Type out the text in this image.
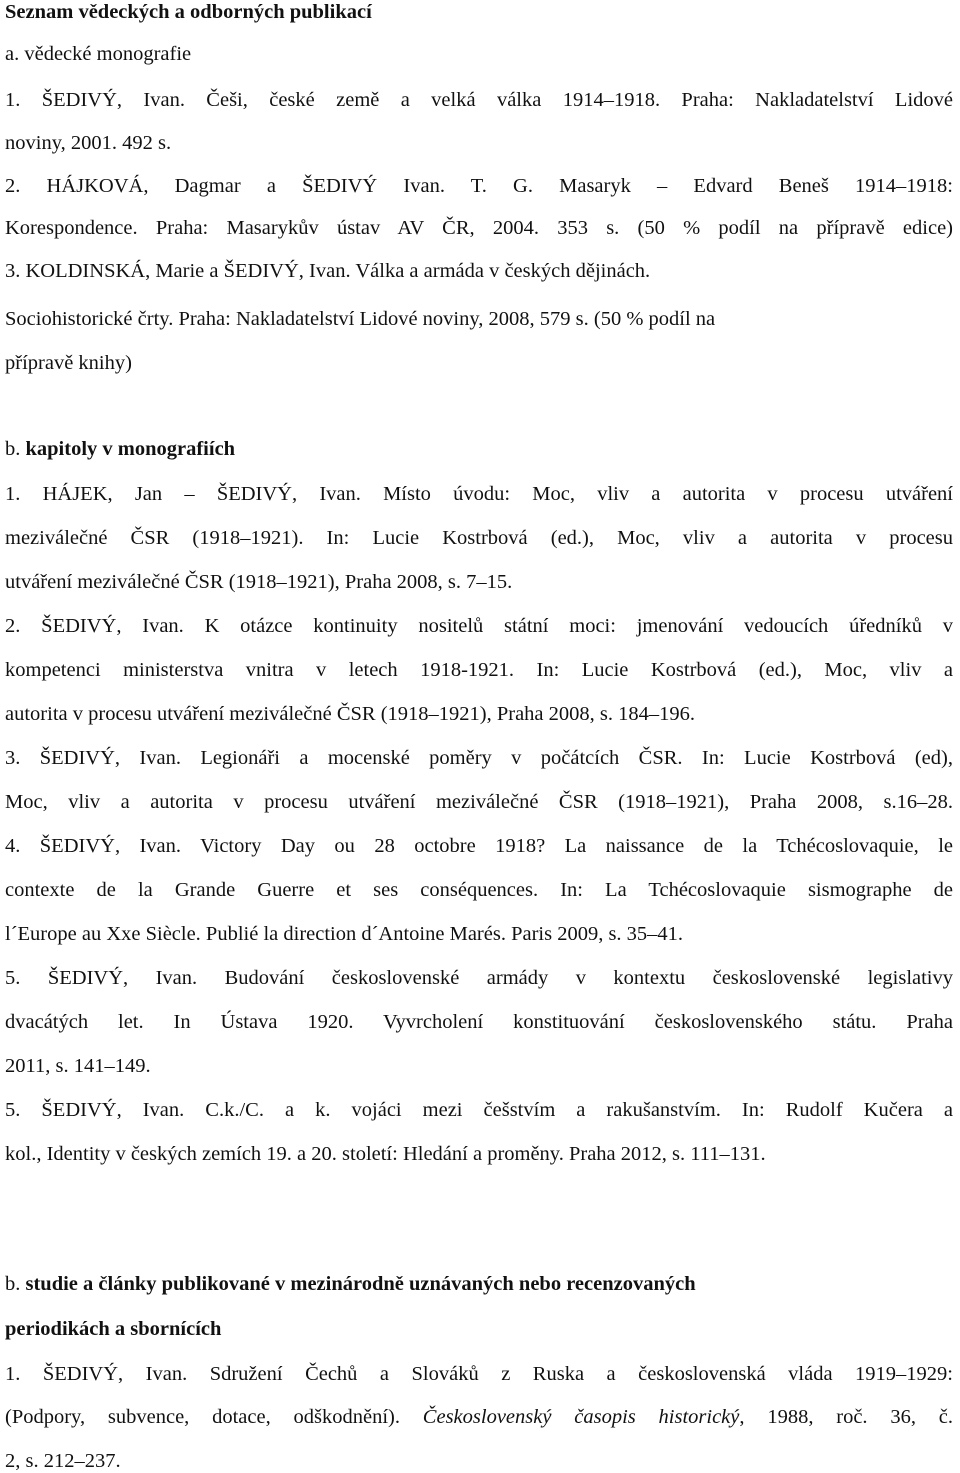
Seznam vědeckých a odborných publikací
a. vědecké monografie
1. ŠEDIVÝ, Ivan. Češi, české země a velká válka 1914–1918. Praha: Nakladatelství Lidové
noviny, 2001. 492 s.
2. HÁJKOVÁ, Dagmar a ŠEDIVÝ Ivan. T. G. Masaryk – Edvard Beneš 1914–1918:
Korespondence. Praha: Masarykův ústav AV ČR, 2004. 353 s. (50 % podíl na přípravě edice)
3. KOLDINSKÁ, Marie a ŠEDIVÝ, Ivan. Válka a armáda v českých dějinách.
Sociohistorické črty. Praha: Nakladatelství Lidové noviny, 2008, 579 s. (50 % podíl na
přípravě knihy)
b. kapitoly v monografiích
1. HÁJEK, Jan – ŠEDIVÝ, Ivan. Místo úvodu: Moc, vliv a autorita v procesu utváření
meziválečné ČSR (1918–1921). In: Lucie Kostrbová (ed.), Moc, vliv a autorita v procesu
utváření meziválečné ČSR (1918–1921), Praha 2008, s. 7–15.
2. ŠEDIVÝ, Ivan. K otázce kontinuity nositelů státní moci: jmenování vedoucích úředníků v
kompetenci ministerstva vnitra v letech 1918-1921. In: Lucie Kostrbová (ed.), Moc, vliv a
autorita v procesu utváření meziválečné ČSR (1918–1921), Praha 2008, s. 184–196.
3. ŠEDIVÝ, Ivan. Legionáři a mocenské poměry v počátcích ČSR. In: Lucie Kostrbová (ed),
Moc, vliv a autorita v procesu utváření meziválečné ČSR (1918–1921), Praha 2008, s.16–28.
4. ŠEDIVÝ, Ivan. Victory Day ou 28 octobre 1918? La naissance de la Tchécoslovaquie, le
contexte de la Grande Guerre et ses conséquences. In: La Tchécoslovaquie sismographe de
l´Europe au Xxe Siècle. Publié la direction d´Antoine Marés. Paris 2009, s. 35–41.
5. ŠEDIVÝ, Ivan. Budování československé armády v kontextu československé legislativy
dvacátých let. In Ústava 1920. Vyvrcholení konstituování československého státu. Praha
2011, s. 141–149.
5. ŠEDIVÝ, Ivan. C.k./C. a k. vojáci mezi češstvím a rakušanstvím. In: Rudolf Kučera a
kol., Identity v českých zemích 19. a 20. století: Hledání a proměny. Praha 2012, s. 111–131.
b. studie a články publikované v mezinárodně uznávaných nebo recenzovaných
periodikách a sbornících
1. ŠEDIVÝ, Ivan. Sdružení Čechů a Slováků z Ruska a československá vláda 1919–1929:
(Podpory, subvence, dotace, odškodnění). Československý časopis historický, 1988, roč. 36, č.
2, s. 212–237.
